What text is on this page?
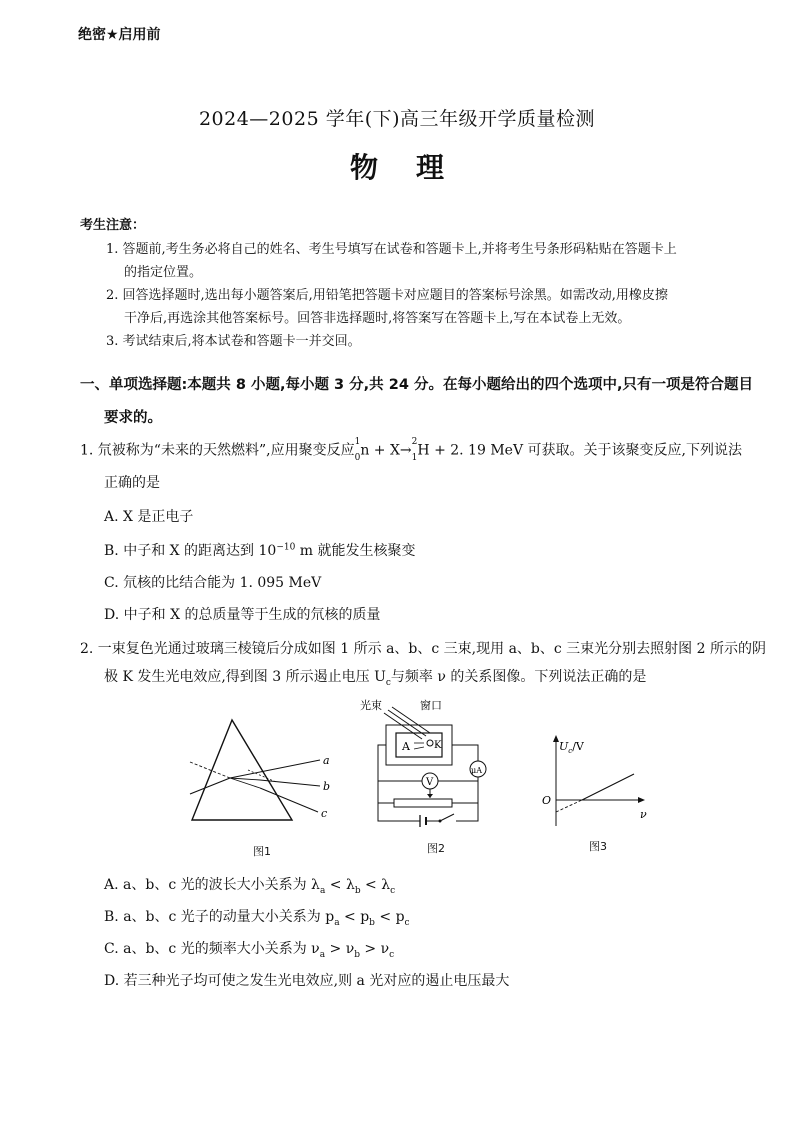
绝密★启用前
2024—2025 学年(下)高三年级开学质量检测
物理
考生注意：
1. 答题前,考生务必将自己的姓名、考生号填写在试卷和答题卡上,并将考生号条形码粘贴在答题卡上
的指定位置。
2. 回答选择题时,选出每小题答案后,用铅笔把答题卡对应题目的答案标号涂黑。如需改动,用橡皮擦
干净后,再选涂其他答案标号。回答非选择题时,将答案写在答题卡上,写在本试卷上无效。
3. 考试结束后,将本试卷和答题卡一并交回。
一、单项选择题:本题共 8 小题,每小题 3 分,共 24 分。在每小题给出的四个选项中,只有一项是符合题目
要求的。
1. 氘被称为“未来的天然燃料”,应用聚变反应$^1$
$_0$n + X→$^2$
$_1$H + 2. 19 MeV 可获取。关于该聚变反应,下列说法
正确的是
A. X 是正电子
B. 中子和 X 的距离达到 $10^{-10}$ m 就能发生核聚变
C. 氘核的比结合能为 1. 095 MeV
D. 中子和 X 的总质量等于生成的氘核的质量
2. 一束复色光通过玻璃三棱镜后分成如图 1 所示 a、b、c 三束,现用 a、b、c 三束光分别去照射图 2 所示的阴
极 K 发生光电效应,得到图 3 所示遏止电压 $U_c$与频率 ν 的关系图像。下列说法正确的是
a
b
c
图1
光束	窗口
A K
μA
V
图2
$U_c/V$
O
ν
图3
A. a、b、c 光的波长大小关系为 $\lambda_a < \lambda_b < \lambda_c$
B. a、b、c 光子的动量大小关系为 $p_a < p_b < p_c$
C. a、b、c 光的频率大小关系为 $\nu_a > \nu_b > \nu_c$
D. 若三种光子均可使之发生光电效应,则 a 光对应的遏止电压最大
